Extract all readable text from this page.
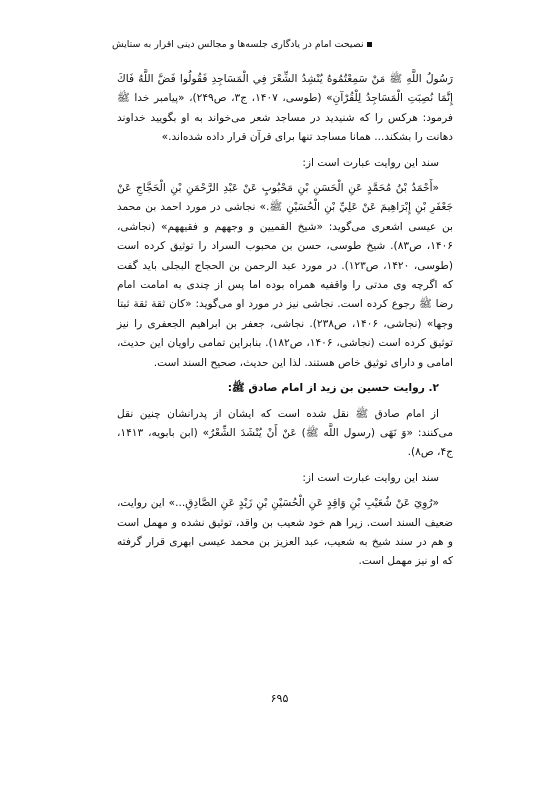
نصیحت امام در یادگاری جلسه‌ها و مجالس دینی اقرار به ستایش

رَسُولُ اللَّهِ ﷺ مَنْ سَمِعْتُمُوهُ يُنْشِدُ الشِّعْرَ فِي الْمَسَاجِدِ فَقُولُوا فَضَّ اللَّهُ فَاكَ إِنَّمَا نُصِبَتِ الْمَسَاجِدُ لِلْقُرْآنِ» (طوسی، ۱۴۰۷، ج۳، ص۲۴۹)، «پیامبر خدا ﷺ فرمود: هرکس را که شنیدید در مساجد شعر می‌خواند به او بگویید خداوند دهانت را بشکند... همانا مساجد تنها برای قرآن قرار داده شده‌اند.»

سند این روایت عبارت است از:

«أَحْمَدُ بْنُ مُحَمَّدٍ عَنِ الْحَسَنِ بْنِ مَحْبُوبٍ عَنْ عَبْدِ الرَّحْمَنِ بْنِ الْحَجَّاجِ عَنْ جَعْفَرِ بْنِ إِبْرَاهِيمَ عَنْ عَلِيِّ بْنِ الْحُسَيْنِ ﷺ.» نجاشی در مورد احمد بن محمد بن عیسی اشعری می‌گوید: «شیخ القمیین و وجههم و فقیههم» (نجاشی، ۱۴۰۶، ص۸۳). شیخ طوسی، حسن بن محبوب السراد را توثیق کرده است (طوسی، ۱۴۲۰، ص۱۲۳). در مورد عبد الرحمن بن الحجاج البجلی باید گفت که اگرچه وی مدتی را واقفیه همراه بوده اما پس از چندی به امامت امام رضا ﷺ رجوع کرده است. نجاشی نیز در مورد او می‌گوید: «کان ثقة ثقة ثبتا وجها» (نجاشی، ۱۴۰۶، ص۲۳۸). نجاشی، جعفر بن ابراهیم الجعفری را نیز توثیق کرده است (نجاشی، ۱۴۰۶، ص۱۸۲). بنابراین تمامی راویان این حدیث، امامی و دارای توثیق خاص هستند. لذا این حدیث، صحیح السند است.

۲. روایت حسین بن زید از امام صادق ﷺ:

از امام صادق ﷺ نقل شده است که ایشان از پدرانشان چنین نقل می‌کنند: «وَ نَهَى (رسول اللَّه ﷺ) عَنْ أَنْ يُنْشَدَ الشِّعْرُ» (ابن بابویه، ۱۴۱۳، ج۴، ص۸).

سند این روایت عبارت است از:

«رُوِيَ عَنْ شُعَيْبِ بْنِ وَاقِدٍ عَنِ الْحُسَيْنِ بْنِ زَيْدٍ عَنِ الصَّادِقِ...» این روایت، ضعیف السند است. زیرا هم خود شعیب بن واقد، توثیق نشده و مهمل است و هم در سند شیخ به شعیب، عبد العزیز بن محمد عیسی ابهری قرار گرفته که او نیز مهمل است.

۶۹۵
